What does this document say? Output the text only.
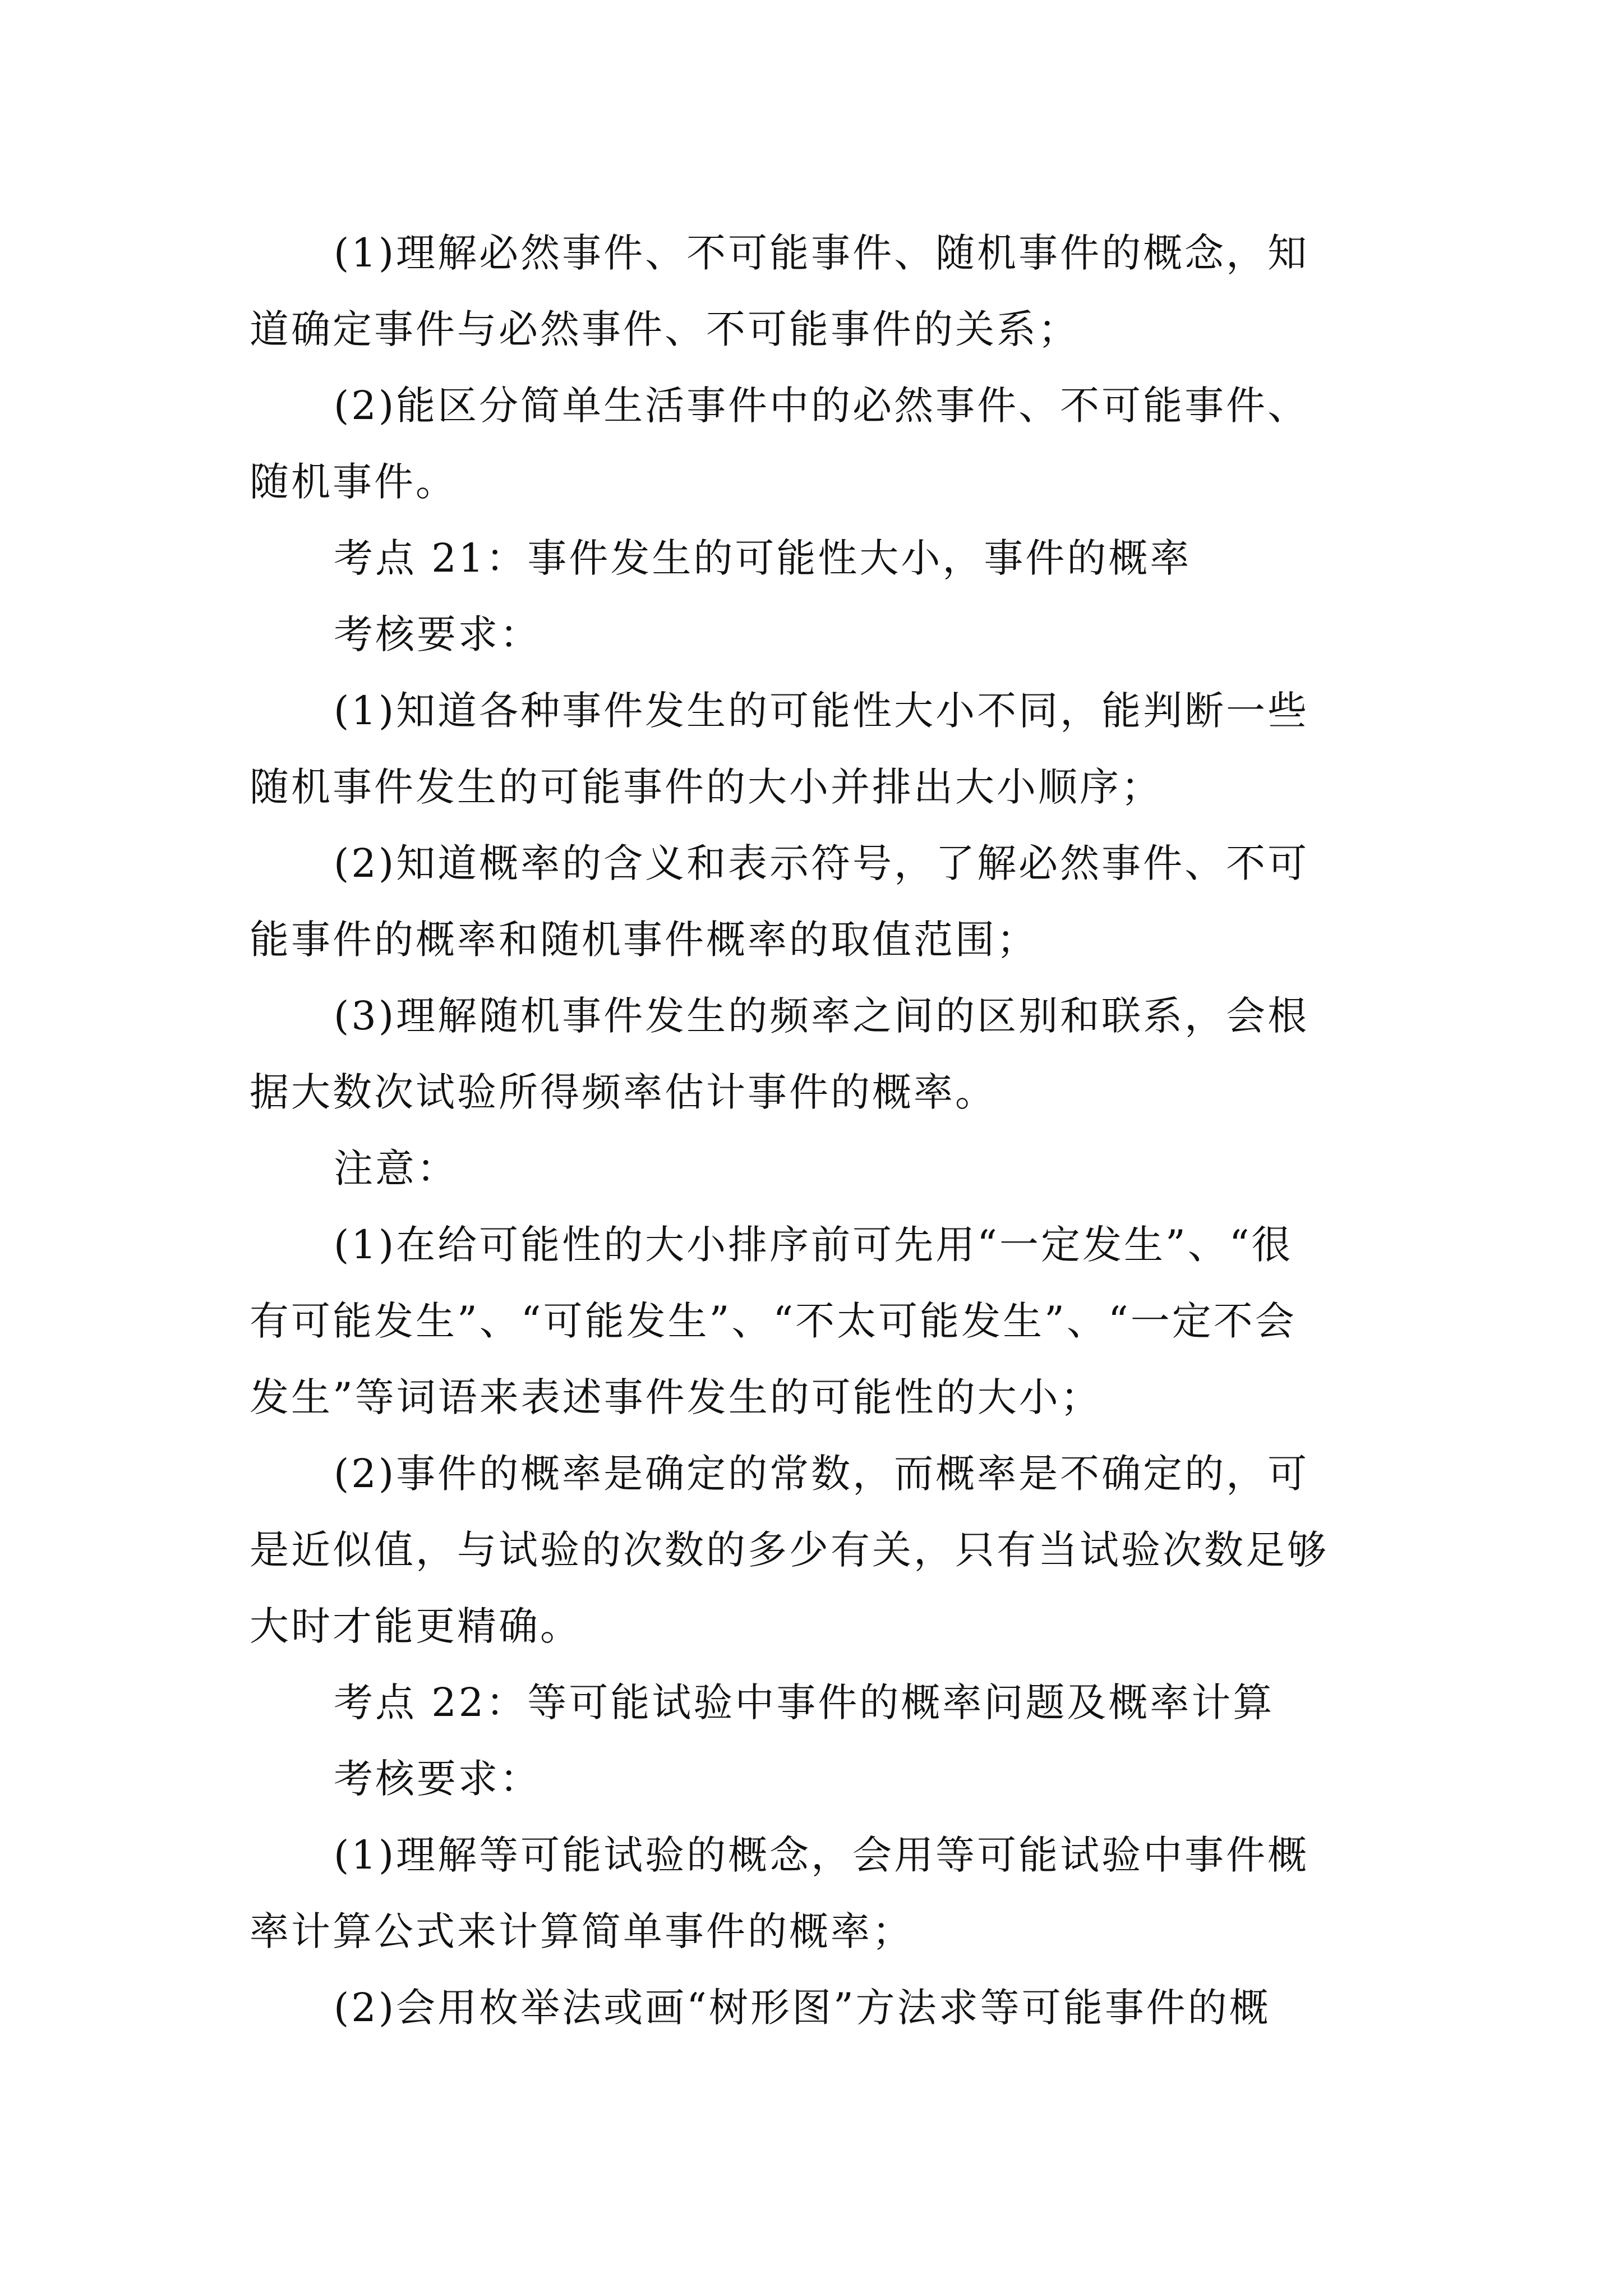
(1)理解必然事件、不可能事件、随机事件的概念，知
道确定事件与必然事件、不可能事件的关系；
(2)能区分简单生活事件中的必然事件、不可能事件、
随机事件。
考点 21：事件发生的可能性大小，事件的概率
考核要求：
(1)知道各种事件发生的可能性大小不同，能判断一些
随机事件发生的可能事件的大小并排出大小顺序；
(2)知道概率的含义和表示符号，了解必然事件、不可
能事件的概率和随机事件概率的取值范围；
(3)理解随机事件发生的频率之间的区别和联系，会根
据大数次试验所得频率估计事件的概率。
注意：
(1)在给可能性的大小排序前可先用“一定发生”、“很
有可能发生”、“可能发生”、“不太可能发生”、“一定不会
发生”等词语来表述事件发生的可能性的大小；
(2)事件的概率是确定的常数，而概率是不确定的，可
是近似值，与试验的次数的多少有关，只有当试验次数足够
大时才能更精确。
考点 22：等可能试验中事件的概率问题及概率计算
考核要求：
(1)理解等可能试验的概念，会用等可能试验中事件概
率计算公式来计算简单事件的概率；
(2)会用枚举法或画“树形图”方法求等可能事件的概
